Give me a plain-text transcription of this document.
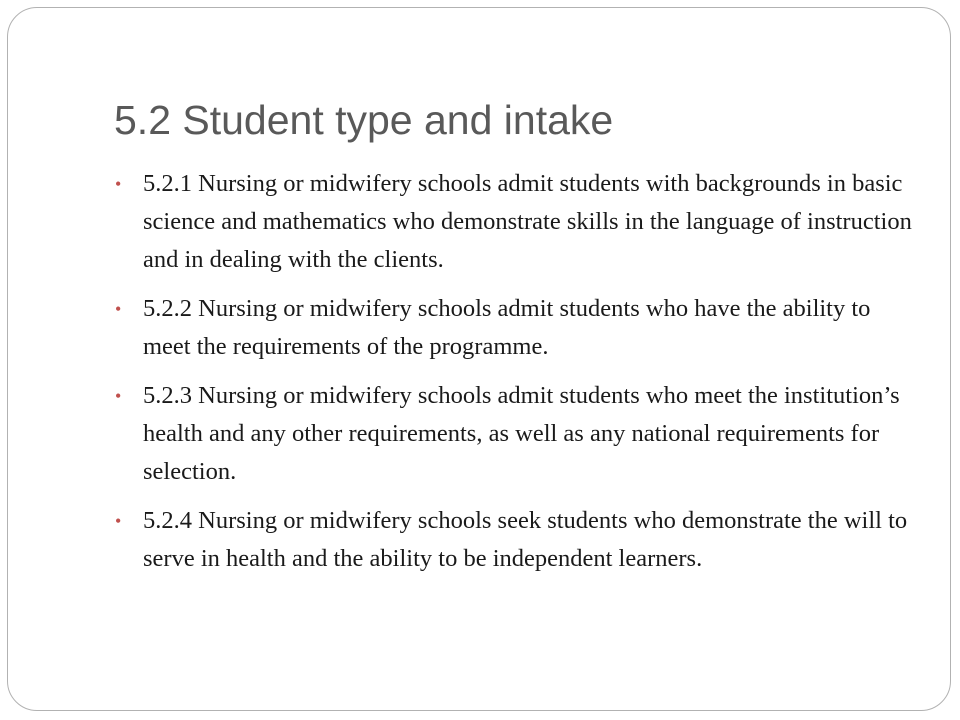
5.2 Student type and intake
• 5.2.1 Nursing or midwifery schools admit students with backgrounds in basic science and mathematics who demonstrate skills in the language of instruction and in dealing with the clients.
• 5.2.2 Nursing or midwifery schools admit students who have the ability to meet the requirements of the programme.
• 5.2.3 Nursing or midwifery schools admit students who meet the institution’s health and any other requirements, as well as any national requirements for selection.
• 5.2.4 Nursing or midwifery schools seek students who demonstrate the will to serve in health and the ability to be independent learners.
